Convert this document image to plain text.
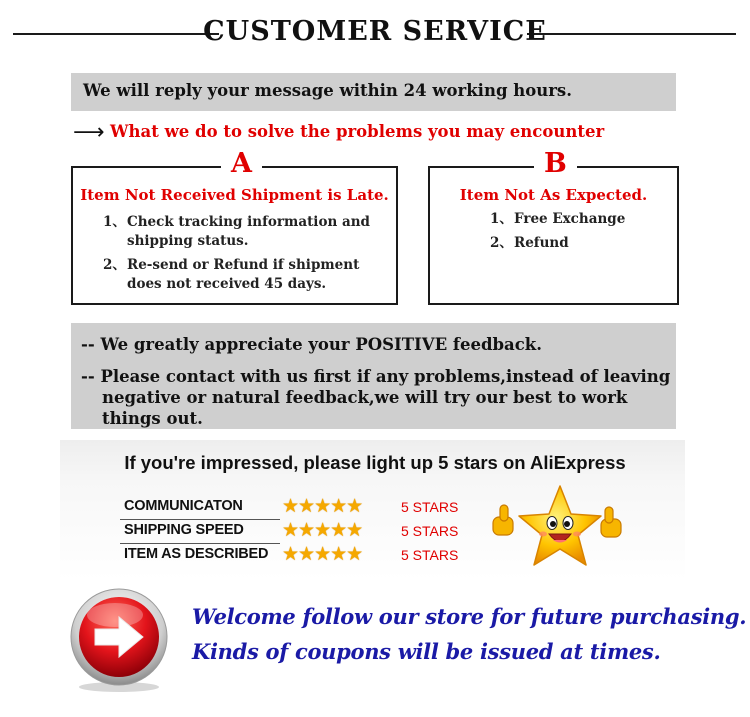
CUSTOMER SERVICE
We will reply your message within 24 working hours.
⟶ What we do to solve the problems you may encounter
A
Item Not Received Shipment is Late.
1、Check tracking information and
shipping status.
2、Re-send or Refund if shipment
does not received 45 days.
B
Item Not As Expected.
1、Free Exchange
2、Refund
-- We greatly appreciate your POSITIVE feedback.
-- Please contact with us first if any problems,instead of leaving
negative or natural feedback,we will try our best to work
things out.
If you're impressed, please light up 5 stars on AliExpress
COMMUNICATON ★★★★★	5 STARS
SHIPPING SPEED ★★★★★	5 STARS
ITEM AS DESCRIBED ★★★★★	5 STARS
Welcome follow our store for future purchasing.
Kinds of coupons will be issued at times.
